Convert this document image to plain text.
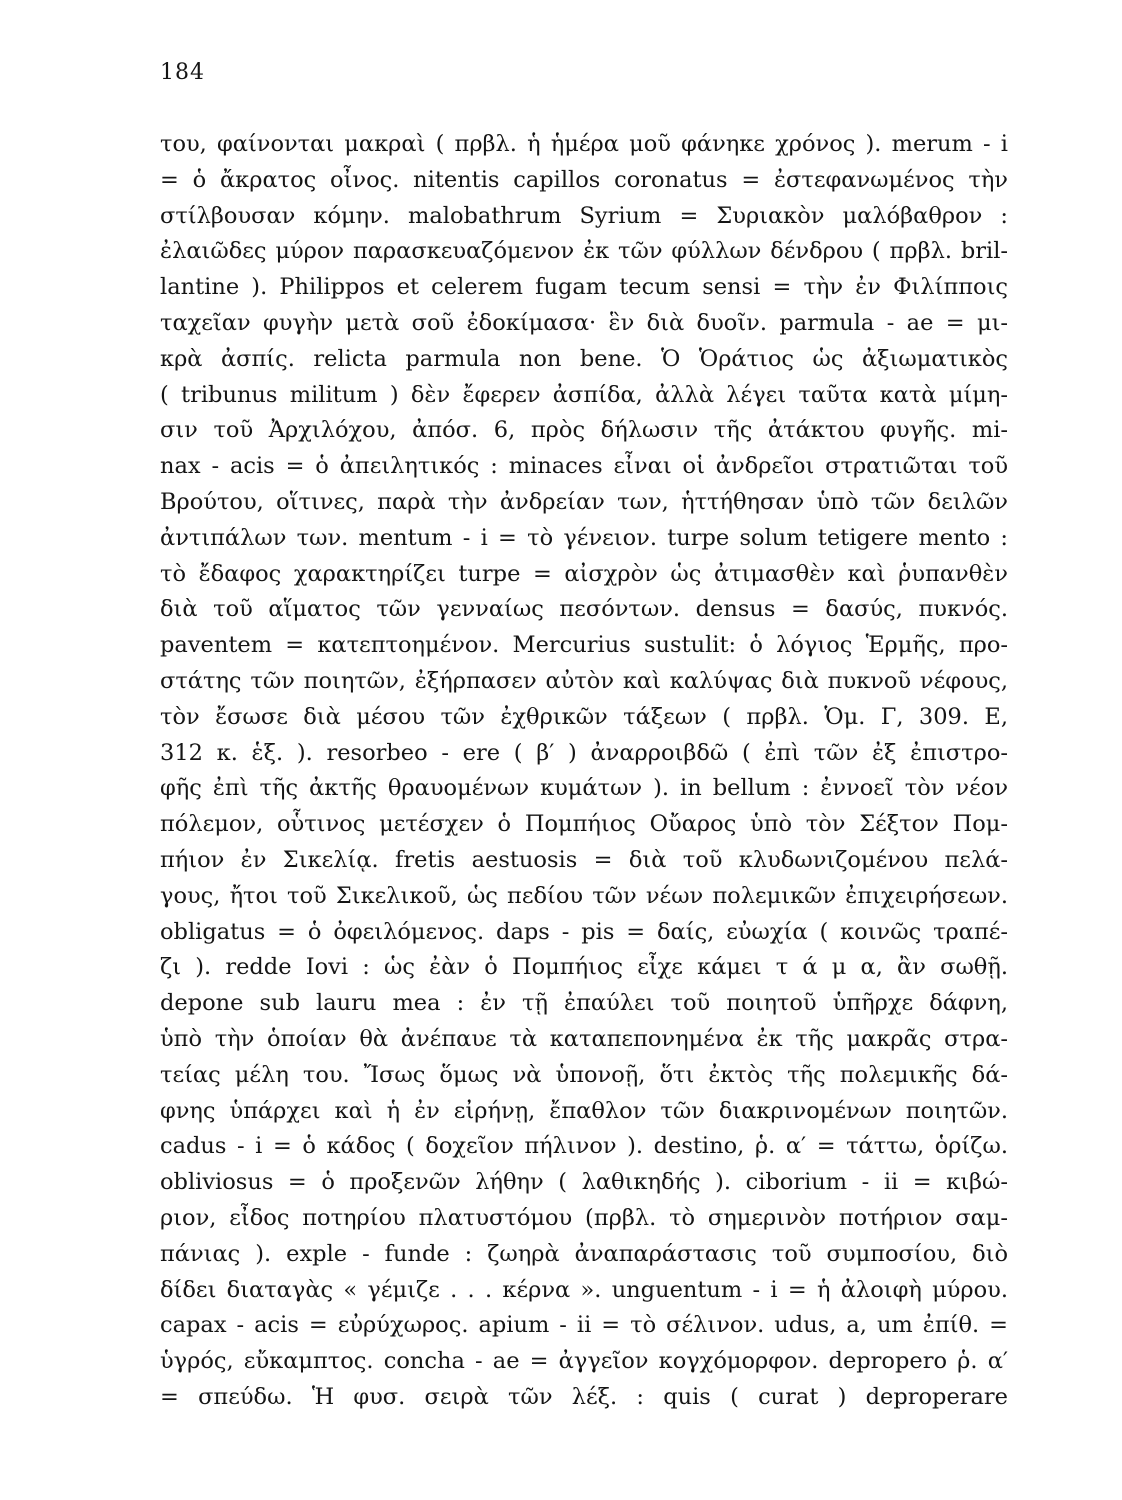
184
του, φαίνονται μακραὶ ( πρβλ. ἡ ἡμέρα μοῦ φάνηκε χρόνος ). merum - i
= ὁ ἄκρατος οἶνος. nitentis capillos coronatus = ἐστεφανωμένος τὴν
στίλβουσαν κόμην. malobathrum Syrium = Συριακὸν μαλόβαθρον :
ἐλαιῶδες μύρον παρασκευαζόμενον ἐκ τῶν φύλλων δένδρου ( πρβλ. bril-
lantine ). Philippos et celerem fugam tecum sensi = τὴν ἐν Φιλίπποις
ταχεῖαν φυγὴν μετὰ σοῦ ἐδοκίμασα· ἓν διὰ δυοῖν. parmula - ae = μι-
κρὰ ἀσπίς. relicta parmula non bene. Ὁ Ὁράτιος ὡς ἀξιωματικὸς
( tribunus militum ) δὲν ἔφερεν ἀσπίδα, ἀλλὰ λέγει ταῦτα κατὰ μίμη-
σιν τοῦ Ἀρχιλόχου, ἀπόσ. 6, πρὸς δήλωσιν τῆς ἀτάκτου φυγῆς. mi-
nax - acis = ὁ ἀπειλητικός : minaces εἶναι οἱ ἀνδρεῖοι στρατιῶται τοῦ
Βρούτου, οἵτινες, παρὰ τὴν ἀνδρείαν των, ἡττήθησαν ὑπὸ τῶν δειλῶν
ἀντιπάλων των. mentum - i = τὸ γένειον. turpe solum tetigere mento :
τὸ ἔδαφος χαρακτηρίζει turpe = αἰσχρὸν ὡς ἀτιμασθὲν καὶ ῥυπανθὲν
διὰ τοῦ αἵματος τῶν γενναίως πεσόντων. densus = δασύς, πυκνός.
paventem = κατεπτοημένον. Mercurius sustulit: ὁ λόγιος Ἑρμῆς, προ-
στάτης τῶν ποιητῶν, ἐξήρπασεν αὐτὸν καὶ καλύψας διὰ πυκνοῦ νέφους,
τὸν ἔσωσε διὰ μέσου τῶν ἐχθρικῶν τάξεων ( πρβλ. Ὁμ. Γ, 309. Ε,
312 κ. ἑξ. ). resorbeo - ere ( β′ ) ἀναρροιβδῶ ( ἐπὶ τῶν ἐξ ἐπιστρο-
φῆς ἐπὶ τῆς ἀκτῆς θραυομένων κυμάτων ). in bellum : ἐννοεῖ τὸν νέον
πόλεμον, οὗτινος μετέσχεν ὁ Πομπήιος Οὔαρος ὑπὸ τὸν Σέξτον Πομ-
πήιον ἐν Σικελίᾳ. fretis aestuosis = διὰ τοῦ κλυδωνιζομένου πελά-
γους, ἤτοι τοῦ Σικελικοῦ, ὡς πεδίου τῶν νέων πολεμικῶν ἐπιχειρήσεων.
obligatus = ὁ ὀφειλόμενος. daps - pis = δαίς, εὐωχία ( κοινῶς τραπέ-
ζι ). redde Iovi : ὡς ἐὰν ὁ Πομπήιος εἶχε κάμει τ ά μ α, ἂν σωθῇ.
depone sub lauru mea : ἐν τῇ ἐπαύλει τοῦ ποιητοῦ ὑπῆρχε δάφνη,
ὑπὸ τὴν ὁποίαν θὰ ἀνέπαυε τὰ καταπεπονημένα ἐκ τῆς μακρᾶς στρα-
τείας μέλη του. Ἴσως ὅμως νὰ ὑπονοῇ, ὅτι ἐκτὸς τῆς πολεμικῆς δά-
φνης ὑπάρχει καὶ ἡ ἐν εἰρήνῃ, ἔπαθλον τῶν διακρινομένων ποιητῶν.
cadus - i = ὁ κάδος ( δοχεῖον πήλινον ). destino, ῥ. α′ = τάττω, ὁρίζω.
obliviosus = ὁ προξενῶν λήθην ( λαθικηδής ). ciborium - ii = κιβώ-
ριον, εἶδος ποτηρίου πλατυστόμου (πρβλ. τὸ σημερινὸν ποτήριον σαμ-
πάνιας ). exple - funde : ζωηρὰ ἀναπαράστασις τοῦ συμποσίου, διὸ
δίδει διαταγὰς « γέμιζε . . . κέρνα ». unguentum - i = ἡ ἀλοιφὴ μύρου.
capax - acis = εὐρύχωρος. apium - ii = τὸ σέλινον. udus, a, um ἐπίθ. =
ὑγρός, εὔκαμπτος. concha - ae = ἀγγεῖον κογχόμορφον. depropero ῥ. α′
= σπεύδω. Ἡ φυσ. σειρὰ τῶν λέξ. : quis ( curat ) deproperare
